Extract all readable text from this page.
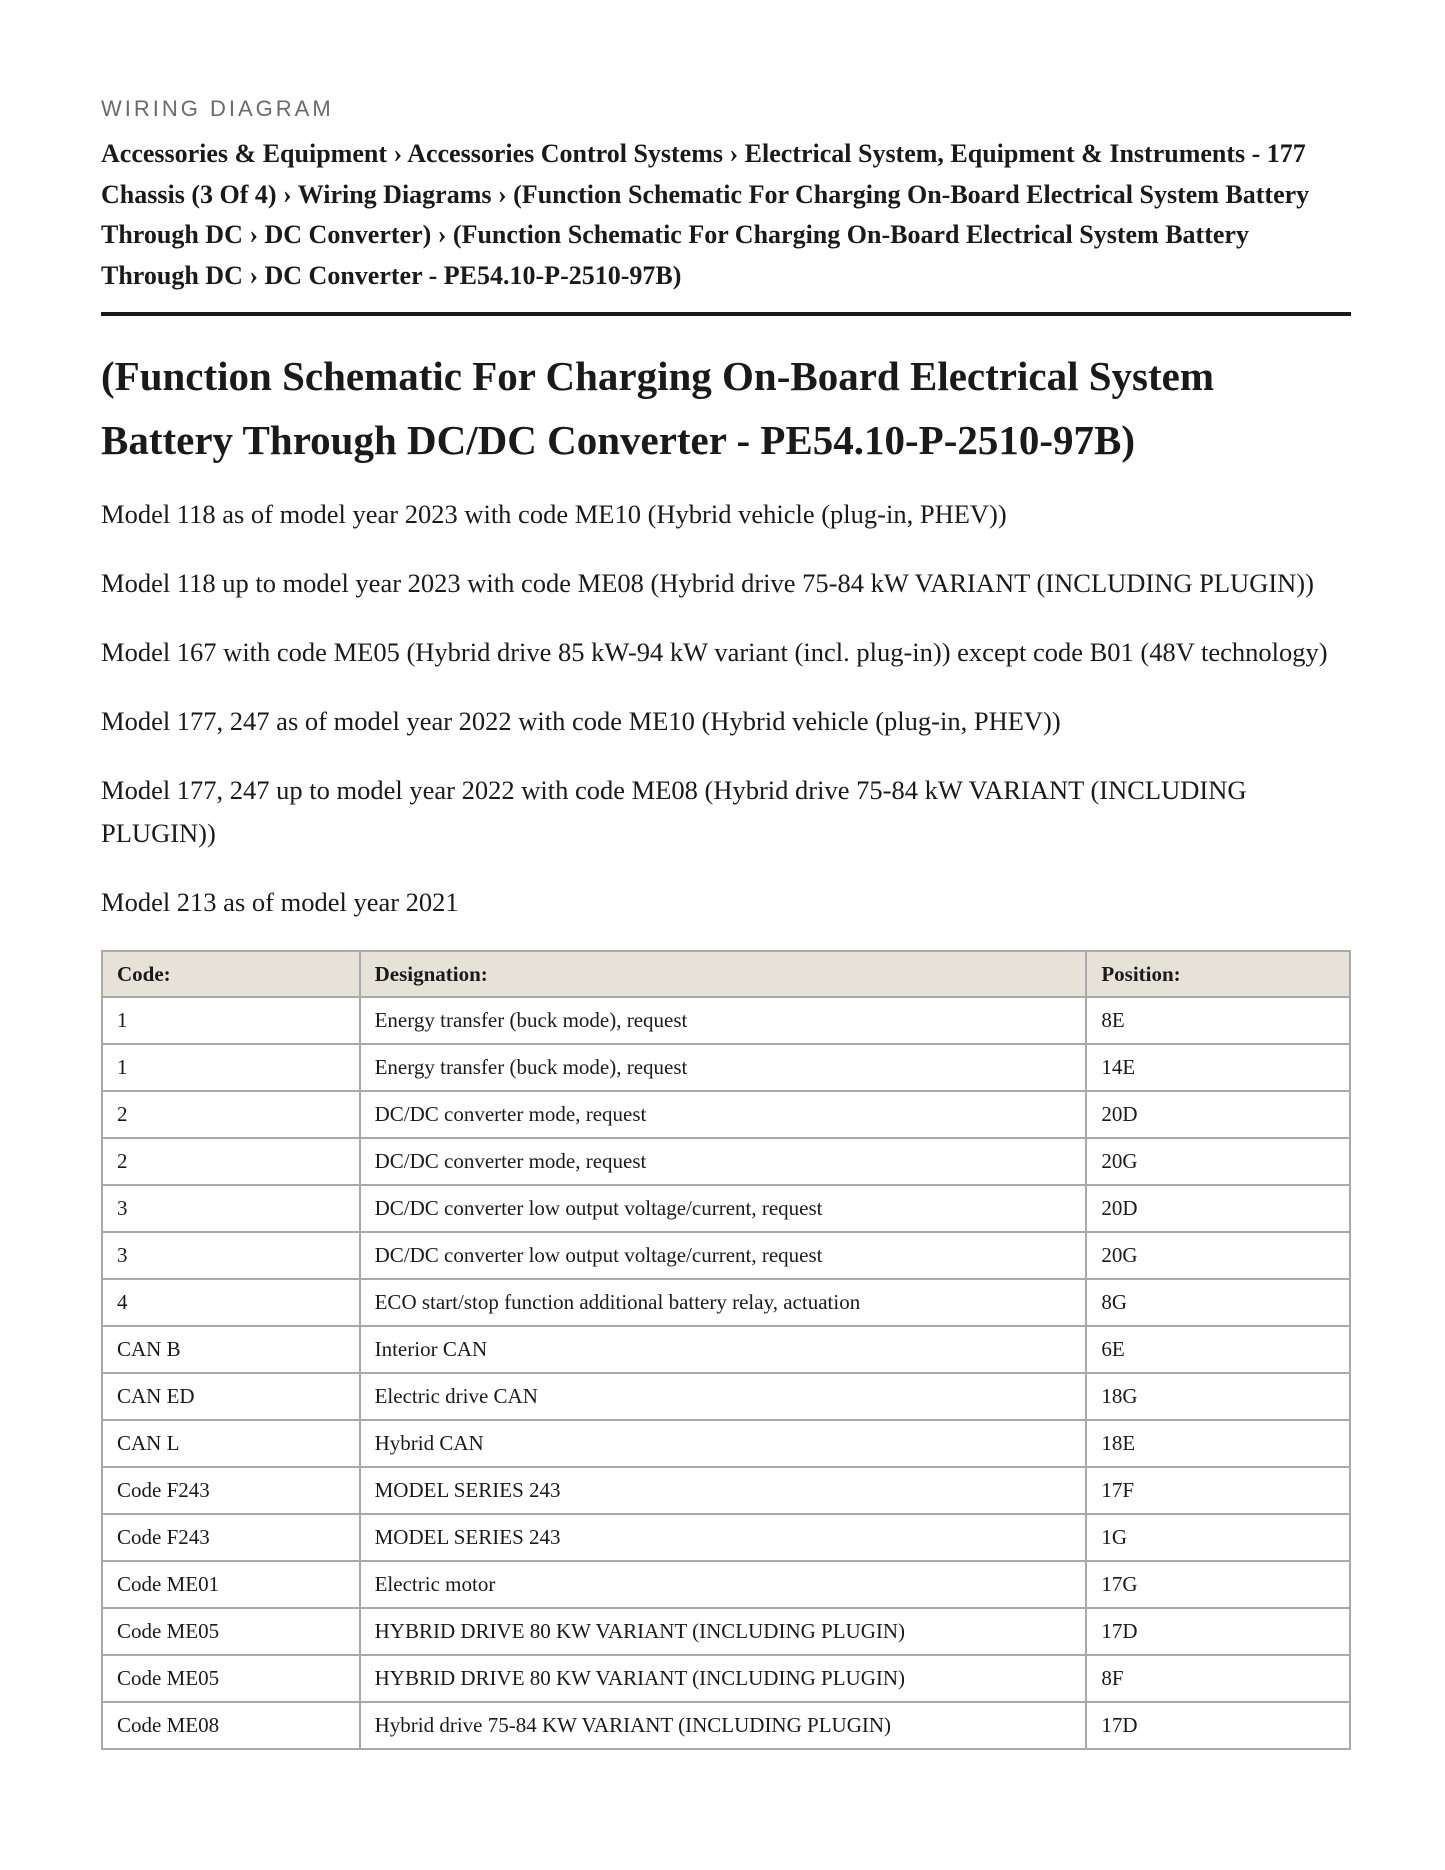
WIRING DIAGRAM
Accessories & Equipment › Accessories Control Systems › Electrical System, Equipment & Instruments - 177 Chassis (3 Of 4) › Wiring Diagrams › (Function Schematic For Charging On-Board Electrical System Battery Through DC › DC Converter) › (Function Schematic For Charging On-Board Electrical System Battery Through DC › DC Converter - PE54.10-P-2510-97B)
(Function Schematic For Charging On-Board Electrical System Battery Through DC/DC Converter - PE54.10-P-2510-97B)

Model 118 as of model year 2023 with code ME10 (Hybrid vehicle (plug-in, PHEV))

Model 118 up to model year 2023 with code ME08 (Hybrid drive 75-84 kW VARIANT (INCLUDING PLUGIN))

Model 167 with code ME05 (Hybrid drive 85 kW-94 kW variant (incl. plug-in)) except code B01 (48V technology)

Model 177, 247 as of model year 2022 with code ME10 (Hybrid vehicle (plug-in, PHEV))

Model 177, 247 up to model year 2022 with code ME08 (Hybrid drive 75-84 kW VARIANT (INCLUDING PLUGIN))

Model 213 as of model year 2021

Code:	Designation:	Position:
1	Energy transfer (buck mode), request	8E
1	Energy transfer (buck mode), request	14E
2	DC/DC converter mode, request	20D
2	DC/DC converter mode, request	20G
3	DC/DC converter low output voltage/current, request	20D
3	DC/DC converter low output voltage/current, request	20G
4	ECO start/stop function additional battery relay, actuation	8G
CAN B	Interior CAN	6E
CAN ED	Electric drive CAN	18G
CAN L	Hybrid CAN	18E
Code F243	MODEL SERIES 243	17F
Code F243	MODEL SERIES 243	1G
Code ME01	Electric motor	17G
Code ME05	HYBRID DRIVE 80 KW VARIANT (INCLUDING PLUGIN)	17D
Code ME05	HYBRID DRIVE 80 KW VARIANT (INCLUDING PLUGIN)	8F
Code ME08	Hybrid drive 75-84 KW VARIANT (INCLUDING PLUGIN)	17D
